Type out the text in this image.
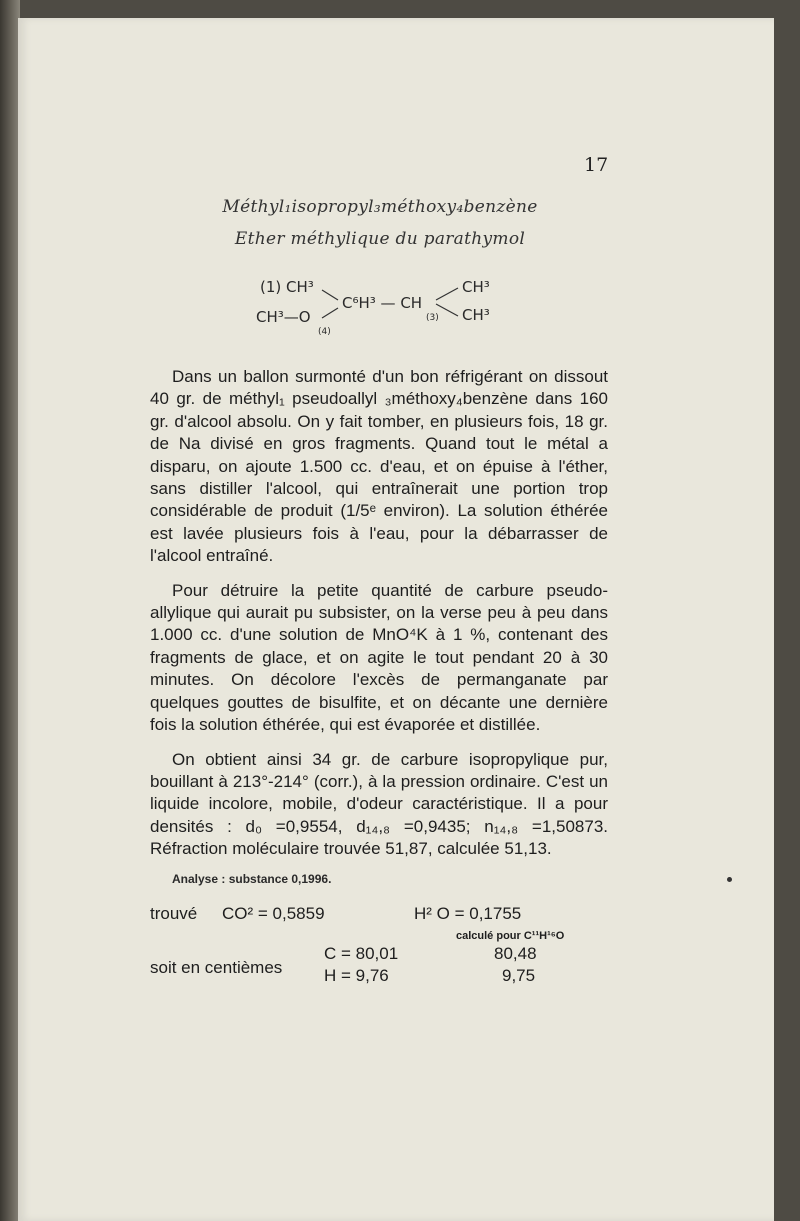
17
Méthyl₁isopropyl₃méthoxy₄benzène
Ether méthylique du parathymol
(1) CH³
CH³—O
(4)
C⁶H³ — CH
(3)
CH³
CH³

Dans un ballon surmonté d'un bon réfrigérant on dissout 40 gr. de méthyl₁ pseudoallyl ₃méthoxy₄benzène dans 160 gr. d'alcool absolu. On y fait tomber, en plusieurs fois, 18 gr. de Na divisé en gros fragments. Quand tout le métal a disparu, on ajoute 1.500 cc. d'eau, et on épuise à l'éther, sans distiller l'alcool, qui entraînerait une portion trop considérable de produit (1/5ᵉ environ). La solution éthérée est lavée plusieurs fois à l'eau, pour la débarrasser de l'alcool entraîné.

Pour détruire la petite quantité de carbure pseudo-allylique qui aurait pu subsister, on la verse peu à peu dans 1.000 cc. d'une solution de MnO⁴K à 1 %, contenant des fragments de glace, et on agite le tout pendant 20 à 30 minutes. On décolore l'excès de permanganate par quelques gouttes de bisulfite, et on décante une dernière fois la solution éthérée, qui est évaporée et distillée.

On obtient ainsi 34 gr. de carbure isopropylique pur, bouillant à 213°-214° (corr.), à la pression ordinaire. C'est un liquide incolore, mobile, d'odeur caractéristique. Il a pour densités : d₀ =0,9554, d₁₄,₈ =0,9435; n₁₄,₈ =1,50873. Réfraction moléculaire trouvée 51,87, calculée 51,13.

Analyse : substance 0,1996.
trouvé CO² = 0,5859	H² O = 0,1755
calculé pour C¹¹H¹⁶O
soit en centièmes
C = 80,01
H = 9,76
80,48
9,75
